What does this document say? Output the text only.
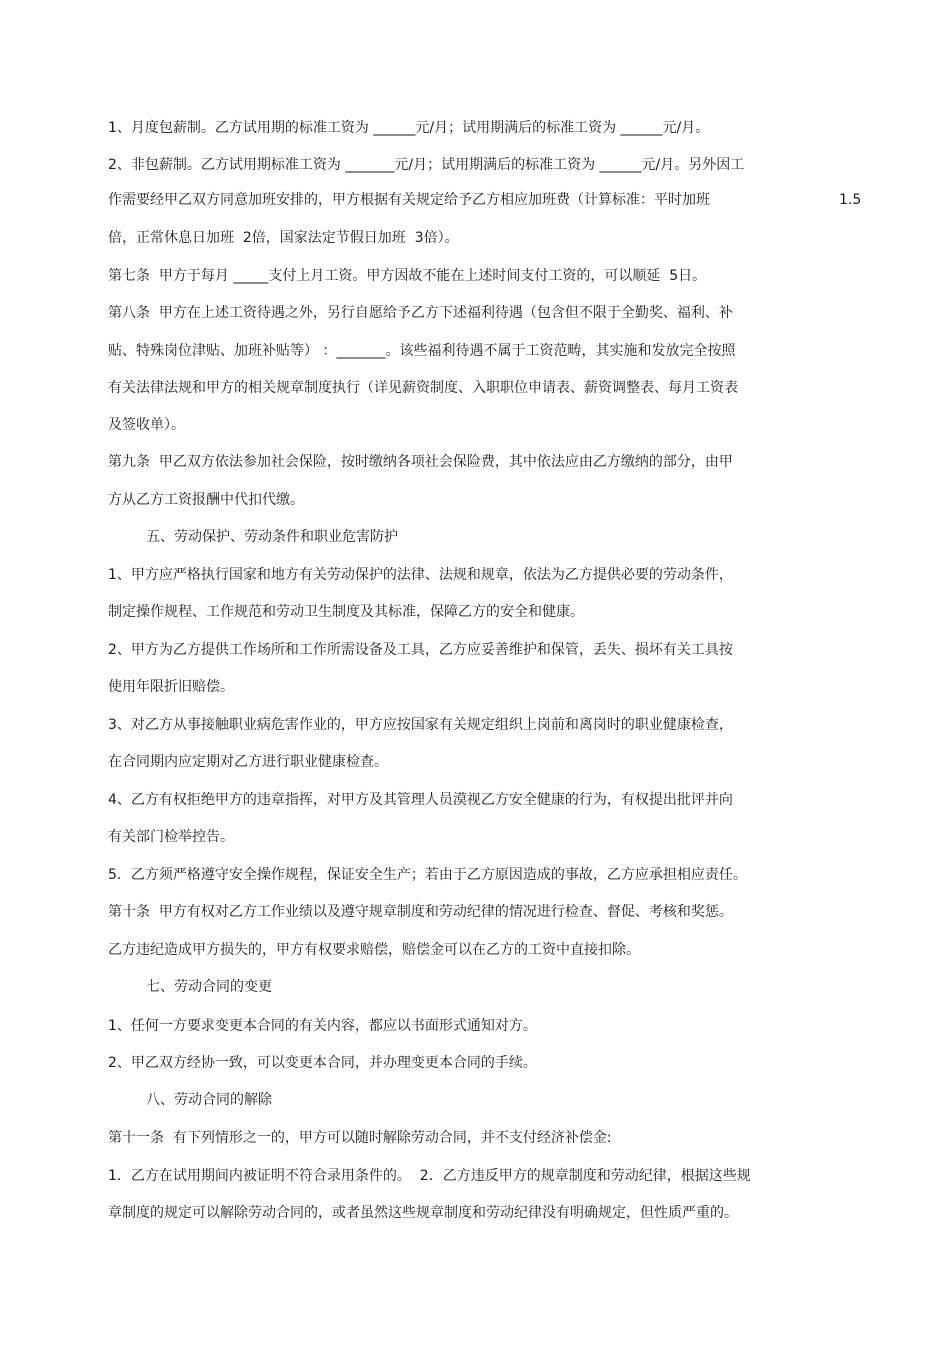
1、月度包薪制。乙方试用期的标准工资为 ______元/月；试用期满后的标准工资为 ______元/月。
2、非包薪制。乙方试用期标准工资为 _______元/月；试用期满后的标准工资为 ______元/月。另外因工
作需要经甲乙双方同意加班安排的，甲方根据有关规定给予乙方相应加班费（计算标准：平时加班	1.5
倍，正常休息日加班  2倍，国家法定节假日加班  3倍）。
第七条  甲方于每月 _____支付上月工资。甲方因故不能在上述时间支付工资的，可以顺延  5日。
第八条  甲方在上述工资待遇之外，另行自愿给予乙方下述福利待遇（包含但不限于全勤奖、福利、补
贴、特殊岗位津贴、加班补贴等） ：_______。该些福利待遇不属于工资范畴，其实施和发放完全按照
有关法律法规和甲方的相关规章制度执行（详见薪资制度、入职职位申请表、薪资调整表、每月工资表
及签收单）。
第九条  甲乙双方依法参加社会保险，按时缴纳各项社会保险费，其中依法应由乙方缴纳的部分，由甲
方从乙方工资报酬中代扣代缴。
五、劳动保护、劳动条件和职业危害防护
1、甲方应严格执行国家和地方有关劳动保护的法律、法规和规章，依法为乙方提供必要的劳动条件，
制定操作规程、工作规范和劳动卫生制度及其标准，保障乙方的安全和健康。
2、甲方为乙方提供工作场所和工作所需设备及工具，乙方应妥善维护和保管，丢失、损坏有关工具按
使用年限折旧赔偿。
3、对乙方从事接触职业病危害作业的，甲方应按国家有关规定组织上岗前和离岗时的职业健康检查，
在合同期内应定期对乙方进行职业健康检查。
4、乙方有权拒绝甲方的违章指挥，对甲方及其管理人员漠视乙方安全健康的行为，有权提出批评并向
有关部门检举控告。
5．乙方须严格遵守安全操作规程，保证安全生产；若由于乙方原因造成的事故，乙方应承担相应责任。
第十条  甲方有权对乙方工作业绩以及遵守规章制度和劳动纪律的情况进行检查、督促、考核和奖惩。
乙方违纪造成甲方损失的，甲方有权要求赔偿，赔偿金可以在乙方的工资中直接扣除。
七、劳动合同的变更
1、任何一方要求变更本合同的有关内容，都应以书面形式通知对方。
2、甲乙双方经协一致，可以变更本合同，并办理变更本合同的手续。
八、劳动合同的解除
第十一条  有下列情形之一的，甲方可以随时解除劳动合同，并不支付经济补偿金:
1．乙方在试用期间内被证明不符合录用条件的。  2．乙方违反甲方的规章制度和劳动纪律，根据这些规
章制度的规定可以解除劳动合同的，或者虽然这些规章制度和劳动纪律没有明确规定，但性质严重的。
